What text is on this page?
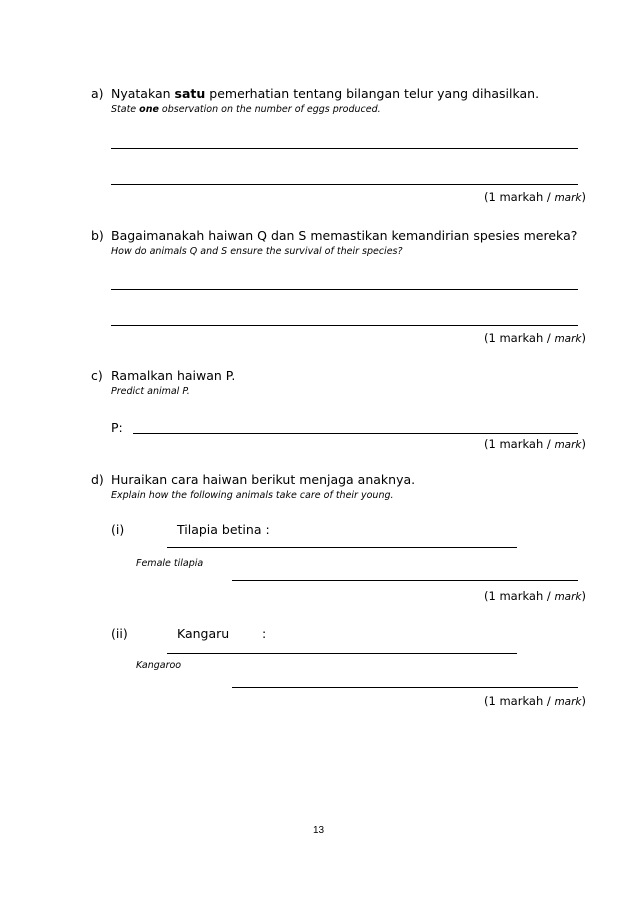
a) Nyatakan satu pemerhatian tentang bilangan telur yang dihasilkan.
State one observation on the number of eggs produced.
(1 markah / mark)
b) Bagaimanakah haiwan Q dan S memastikan kemandirian spesies mereka?
How do animals Q and S ensure the survival of their species?
(1 markah / mark)
c) Ramalkan haiwan P.
Predict animal P.
P:
(1 markah / mark)
d) Huraikan cara haiwan berikut menjaga anaknya.
Explain how the following animals take care of their young.
(i)	Tilapia betina :
Female tilapia
(1 markah / mark)
(ii)	Kangaru	:
Kangaroo
(1 markah / mark)
13
